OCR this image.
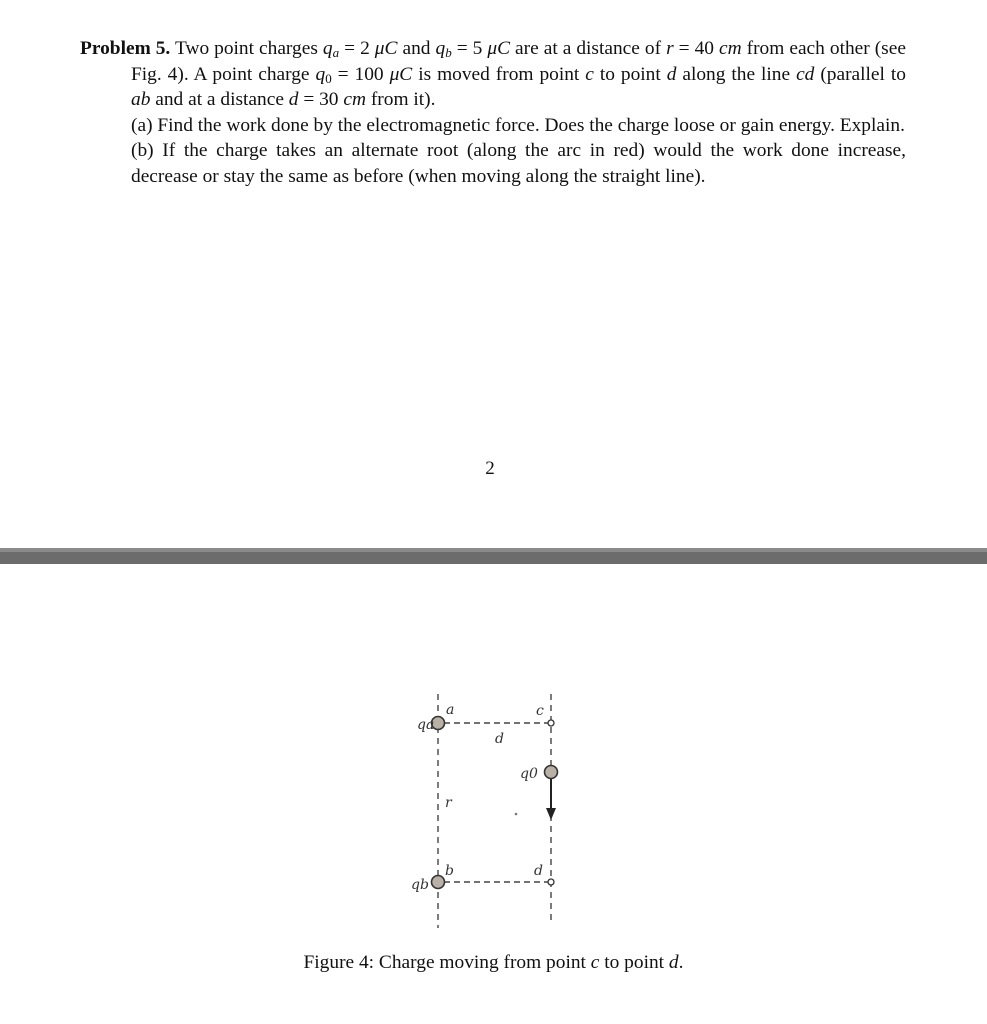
Problem 5. Two point charges $q_a = 2$ μC and $q_b = 5$ μC are at a distance of r = 40 cm from each other (see Fig. 4). A point charge $q_0 = 100$ μC is moved from point c to point d along the line cd (parallel to ab and at a distance d = 30 cm from it).

(a) Find the work done by the electromagnetic force. Does the charge loose or gain energy. Explain.

(b) If the charge takes an alternate root (along the arc in red) would the work done increase, decrease or stay the same as before (when moving along the straight line).

2
qa
a	c
d
q0
r
qb
b	d
Figure 4: Charge moving from point c to point d.
